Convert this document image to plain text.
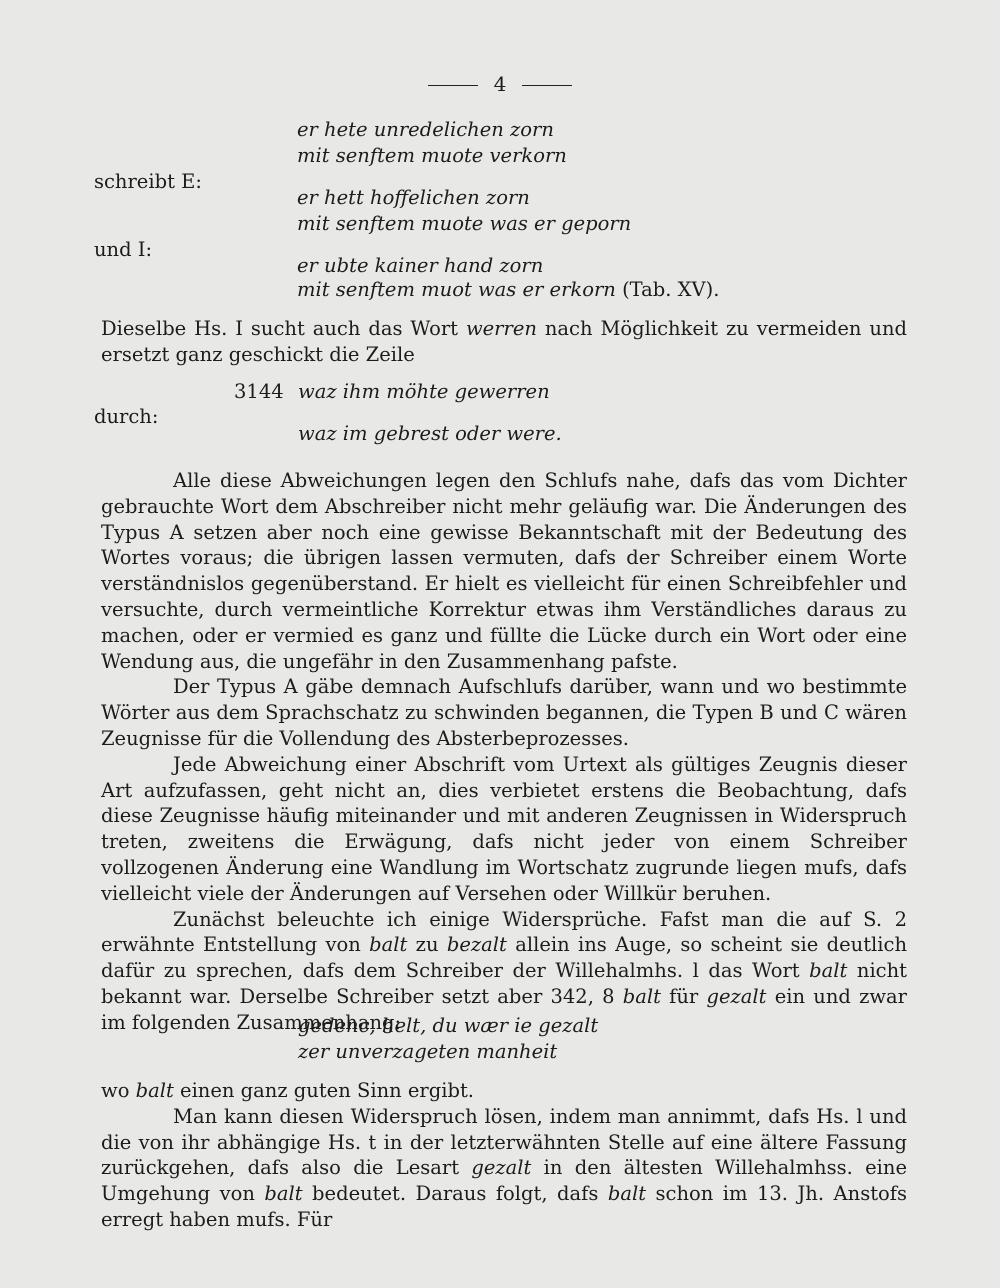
4
er hete unredelichen zorn
mit senftem muote verkorn
schreibt E:
er hett hoffelichen zorn
mit senftem muote was er geporn
und I:
er ubte kainer hand zorn
mit senftem muot was er erkorn (Tab. XV).
Dieselbe Hs. I sucht auch das Wort werren nach Möglichkeit zu vermeiden und ersetzt ganz geschickt die Zeile
3144 waz ihm möhte gewerren
durch:
waz im gebrest oder were.
Alle diese Abweichungen legen den Schlufs nahe, dafs das vom Dichter gebrauchte Wort dem Abschreiber nicht mehr geläufig war. Die Änderungen des Typus A setzen aber noch eine gewisse Bekanntschaft mit der Bedeutung des Wortes voraus; die übrigen lassen vermuten, dafs der Schreiber einem Worte verständnislos gegenüberstand. Er hielt es vielleicht für einen Schreibfehler und versuchte, durch vermeintliche Korrektur etwas ihm Verständliches daraus zu machen, oder er vermied es ganz und füllte die Lücke durch ein Wort oder eine Wendung aus, die ungefähr in den Zusammenhang pafste.
Der Typus A gäbe demnach Aufschlufs darüber, wann und wo bestimmte Wörter aus dem Sprachschatz zu schwinden begannen, die Typen B und C wären Zeugnisse für die Vollendung des Absterbeprozesses.
Jede Abweichung einer Abschrift vom Urtext als gültiges Zeugnis dieser Art aufzufassen, geht nicht an, dies verbietet erstens die Beobachtung, dafs diese Zeugnisse häufig miteinander und mit anderen Zeugnissen in Widerspruch treten, zweitens die Erwägung, dafs nicht jeder von einem Schreiber vollzogenen Änderung eine Wandlung im Wortschatz zugrunde liegen mufs, dafs vielleicht viele der Änderungen auf Versehen oder Willkür beruhen.
Zunächst beleuchte ich einige Widersprüche. Fafst man die auf S. 2 erwähnte Entstellung von balt zu bezalt allein ins Auge, so scheint sie deutlich dafür zu sprechen, dafs dem Schreiber der Willehalmhs. l das Wort balt nicht bekannt war. Derselbe Schreiber setzt aber 342, 8 balt für gezalt ein und zwar im folgenden Zusammenhang:
gedenc, helt, du wær ie gezalt
zer unverzageten manheit
wo balt einen ganz guten Sinn ergibt.
Man kann diesen Widerspruch lösen, indem man annimmt, dafs Hs. l und die von ihr abhängige Hs. t in der letzterwähnten Stelle auf eine ältere Fassung zurückgehen, dafs also die Lesart gezalt in den ältesten Willehalmhss. eine Umgehung von balt bedeutet. Daraus folgt, dafs balt schon im 13. Jh. Anstofs erregt haben mufs. Für
